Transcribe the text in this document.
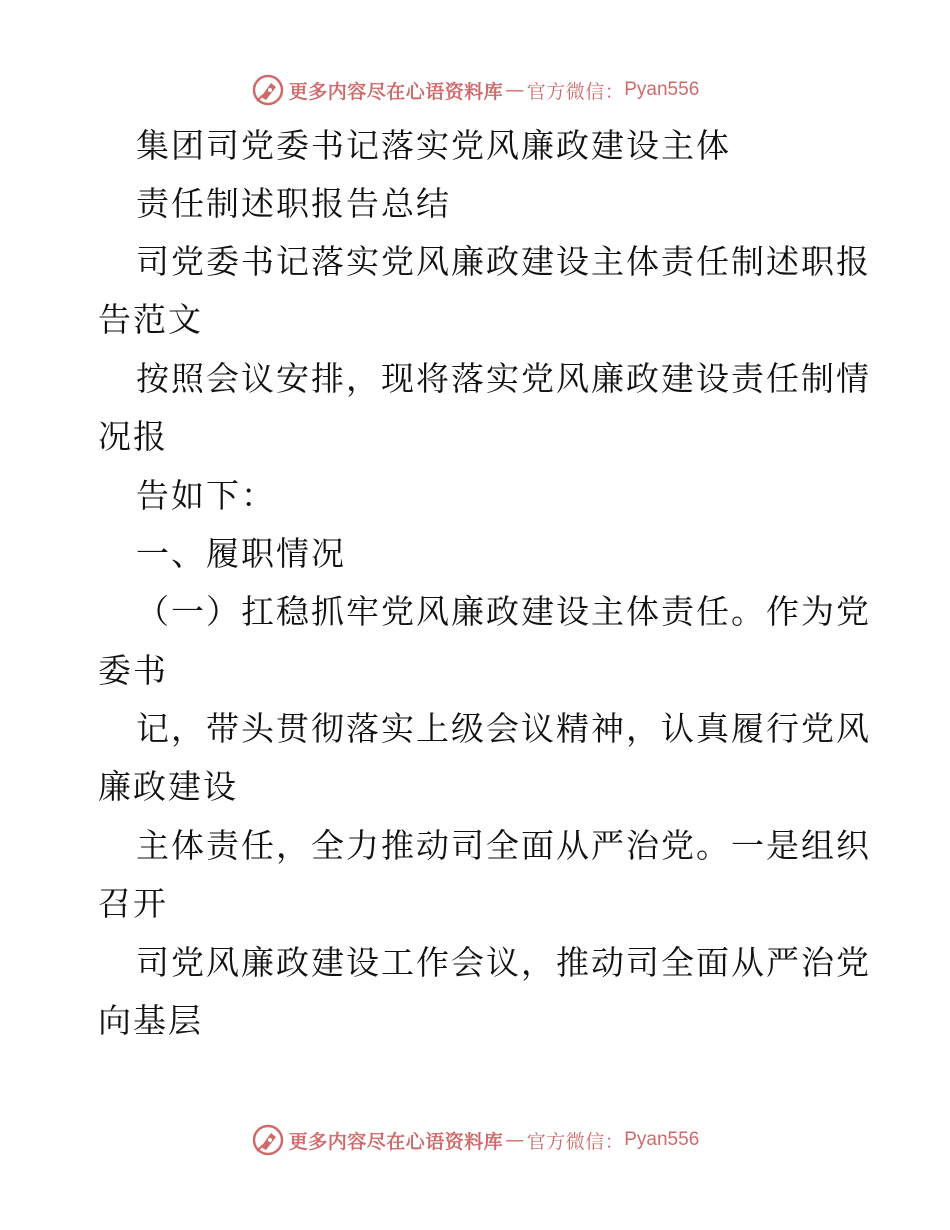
更多内容尽在心语资料库 — 官方微信： Pyan556
集团司党委书记落实党风廉政建设主体
责任制述职报告总结
司党委书记落实党风廉政建设主体责任制述职报
告范文
按照会议安排，现将落实党风廉政建设责任制情
况报
告如下：
一、履职情况
（一）扛稳抓牢党风廉政建设主体责任。作为党
委书
记，带头贯彻落实上级会议精神，认真履行党风
廉政建设
主体责任，全力推动司全面从严治党。一是组织
召开
司党风廉政建设工作会议，推动司全面从严治党
向基层
更多内容尽在心语资料库 — 官方微信： Pyan556
